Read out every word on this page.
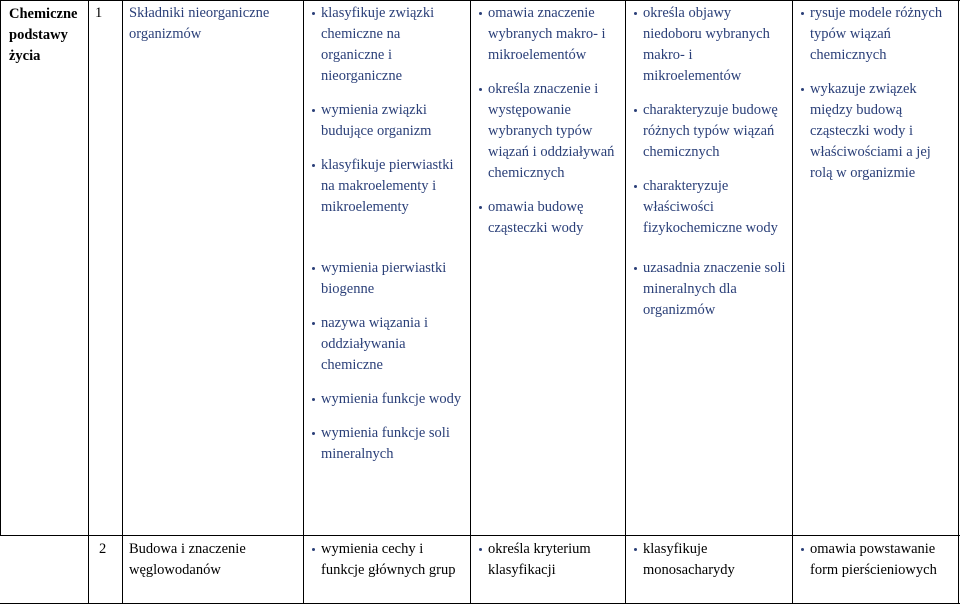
Chemiczne podstawy życia
1	Składniki nieorganiczne organizmów
klasyfikuje związki chemiczne na organiczne i nieorganiczne
wymienia związki budujące organizm
klasyfikuje pierwiastki na makroelementy i mikroelementy
omawia znaczenie wybranych makro- i mikroelementów
określa znaczenie i występowanie wybranych typów wiązań i oddziaływań chemicznych
omawia budowę cząsteczki wody
określa objawy niedoboru wybranych makro- i mikroelementów
charakteryzuje budowę różnych typów wiązań chemicznych
charakteryzuje właściwości fizykochemiczne wody
rysuje modele różnych typów wiązań chemicznych
wykazuje związek między budową cząsteczki wody i właściwościami a jej rolą w organizmie
wymienia pierwiastki biogenne
nazywa wiązania i oddziaływania chemiczne
wymienia funkcje wody
wymienia funkcje soli mineralnych
uzasadnia znaczenie soli mineralnych dla organizmów
2	Budowa i znaczenie węglowodanów
wymienia cechy i funkcje głównych grup
określa kryterium klasyfikacji
klasyfikuje monosacharydy
omawia powstawanie form pierścieniowych
